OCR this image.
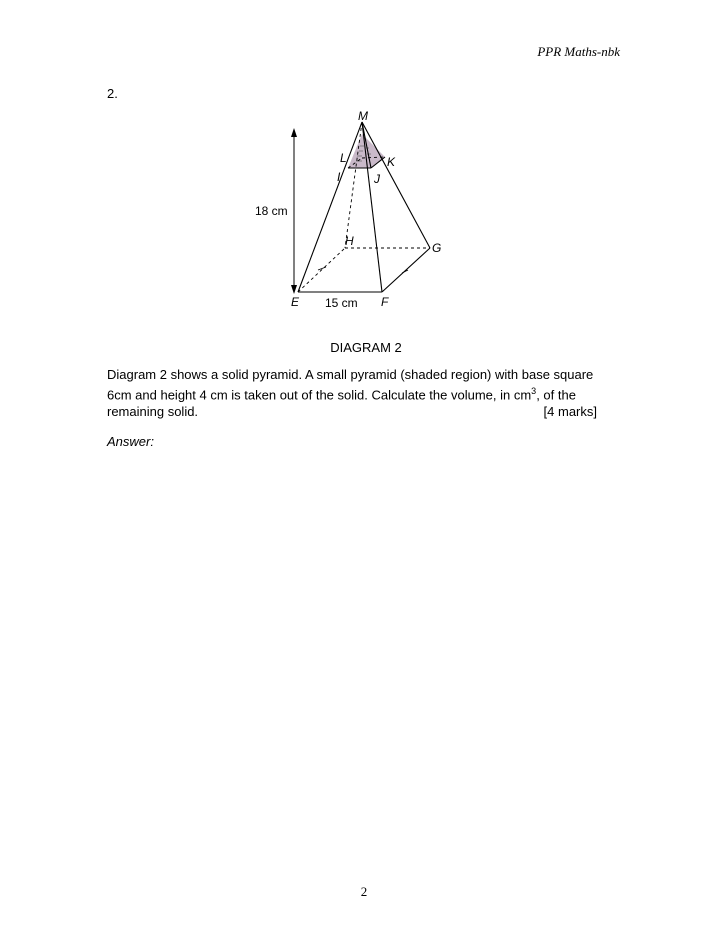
PPR Maths-nbk
2.
M
L	K
I	J
H	G
E	F
18 cm
15 cm
DIAGRAM 2
Diagram 2 shows a solid pyramid. A small pyramid (shaded region) with base square
6cm and height 4 cm is taken out of the solid. Calculate the volume, in $cm^3$, of the
remaining solid.	[4 marks]
Answer:
2
